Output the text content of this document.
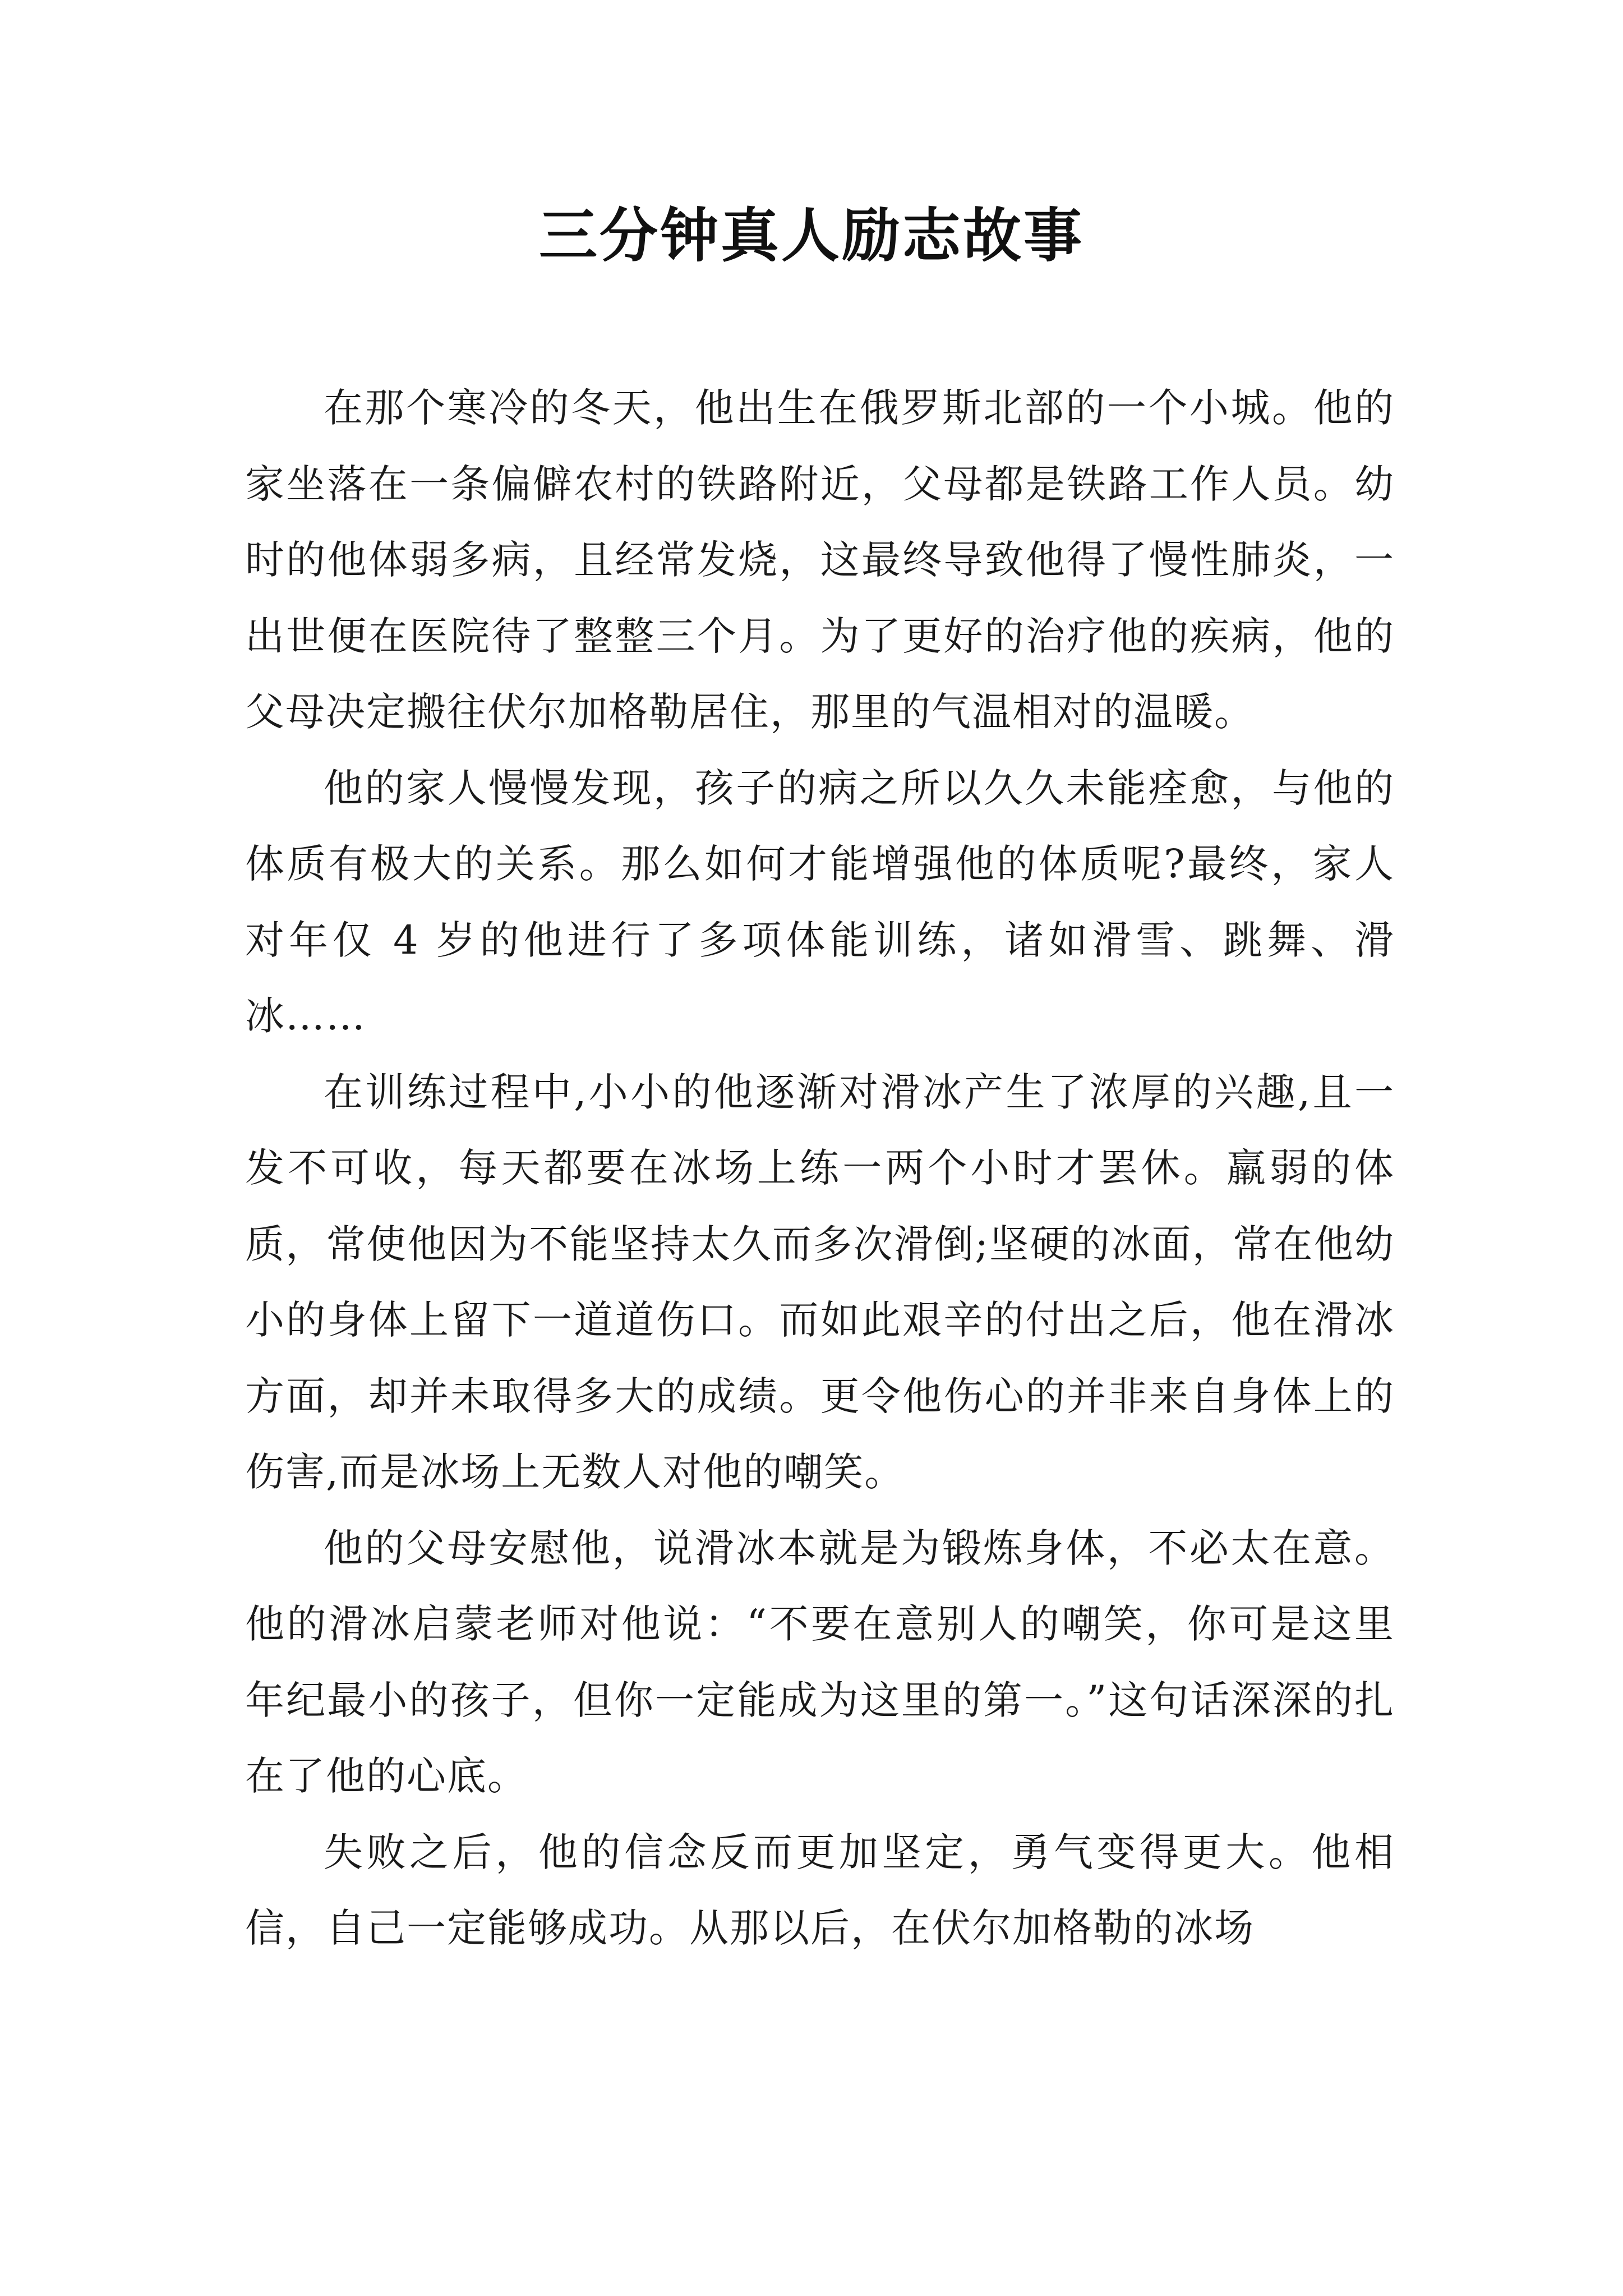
三分钟真人励志故事

在那个寒冷的冬天，他出生在俄罗斯北部的一个小城。他的家坐落在一条偏僻农村的铁路附近，父母都是铁路工作人员。幼时的他体弱多病，且经常发烧，这最终导致他得了慢性肺炎，一出世便在医院待了整整三个月。为了更好的治疗他的疾病，他的父母决定搬往伏尔加格勒居住，那里的气温相对的温暖。

他的家人慢慢发现，孩子的病之所以久久未能痊愈，与他的体质有极大的关系。那么如何才能增强他的体质呢?最终，家人对年仅 4 岁的他进行了多项体能训练，诸如滑雪、跳舞、滑冰……

在训练过程中,小小的他逐渐对滑冰产生了浓厚的兴趣,且一发不可收，每天都要在冰场上练一两个小时才罢休。羸弱的体质，常使他因为不能坚持太久而多次滑倒;坚硬的冰面，常在他幼小的身体上留下一道道伤口。而如此艰辛的付出之后，他在滑冰方面，却并未取得多大的成绩。更令他伤心的并非来自身体上的伤害,而是冰场上无数人对他的嘲笑。

他的父母安慰他，说滑冰本就是为锻炼身体，不必太在意。他的滑冰启蒙老师对他说：“不要在意别人的嘲笑，你可是这里年纪最小的孩子，但你一定能成为这里的第一。”这句话深深的扎在了他的心底。

失败之后，他的信念反而更加坚定，勇气变得更大。他相信，自己一定能够成功。从那以后，在伏尔加格勒的冰场
